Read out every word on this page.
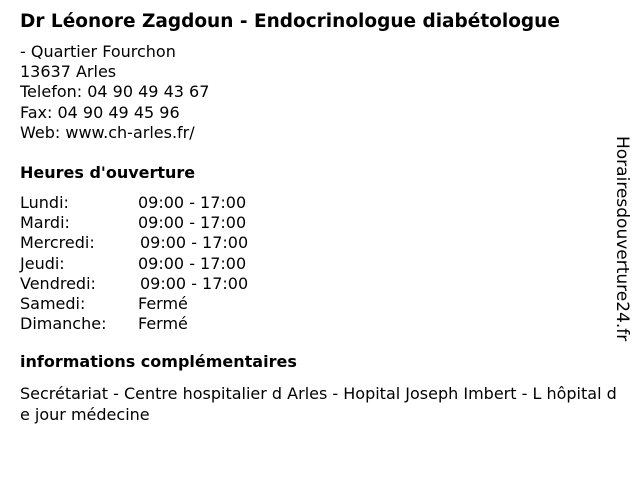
Dr Léonore Zagdoun - Endocrinologue diabétologue
- Quartier Fourchon
13637 Arles
Telefon: 04 90 49 43 67
Fax: 04 90 49 45 96
Web: www.ch-arles.fr/
Heures d'ouverture
Lundi:	09:00 - 17:00
Mardi:	09:00 - 17:00
Mercredi:	09:00 - 17:00
Jeudi:	09:00 - 17:00
Vendredi:	09:00 - 17:00
Samedi:	Fermé
Dimanche: Fermé
informations complémentaires
Secrétariat - Centre hospitalier d Arles - Hopital Joseph Imbert - L hôpital de jour médecine
Horairesdouverture24.fr
